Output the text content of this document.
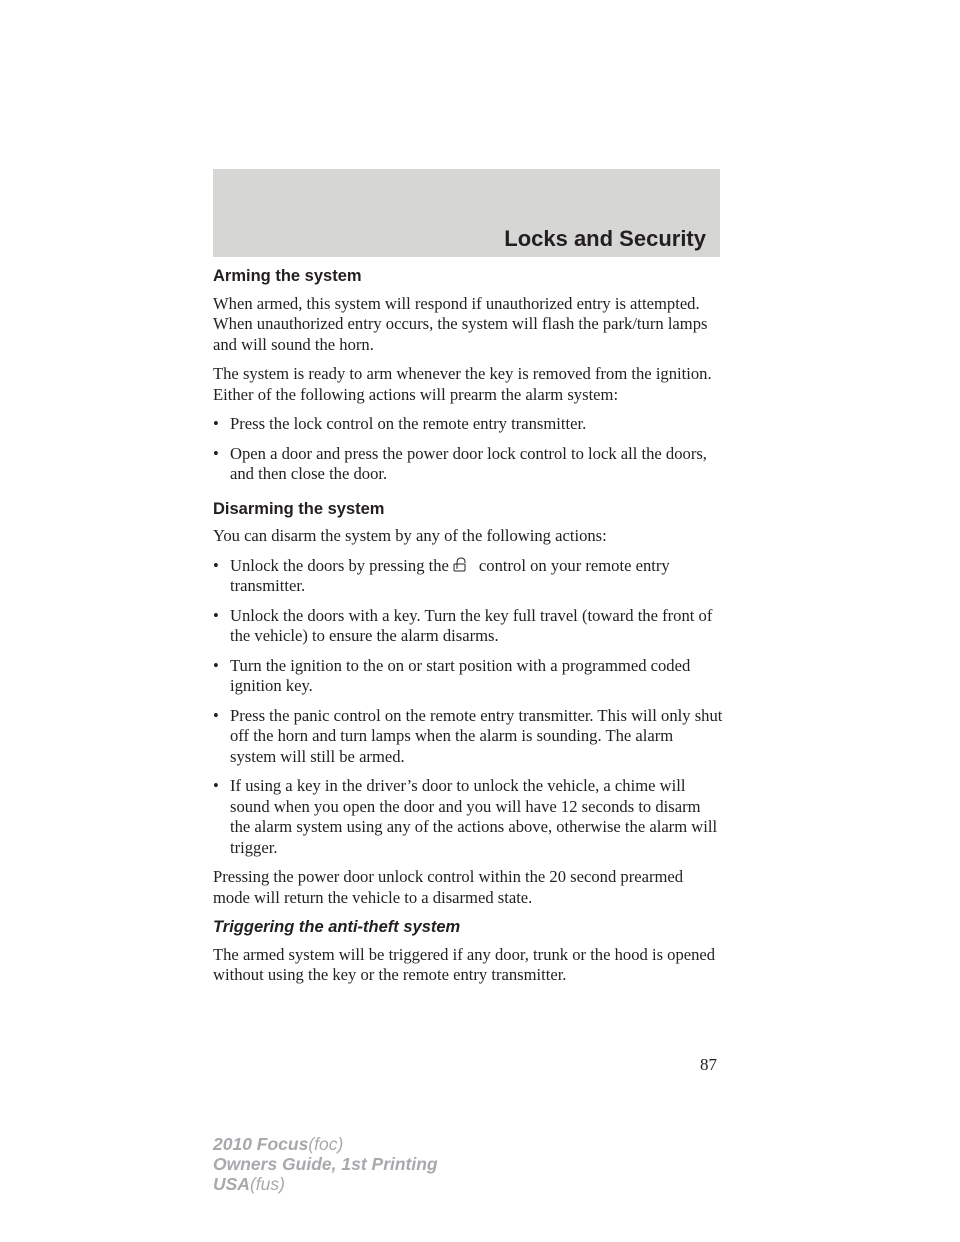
Locks and Security
Arming the system

When armed, this system will respond if unauthorized entry is attempted. When unauthorized entry occurs, the system will flash the park/turn lamps and will sound the horn.

The system is ready to arm whenever the key is removed from the ignition. Either of the following actions will prearm the alarm system:

• Press the lock control on the remote entry transmitter.
• Open a door and press the power door lock control to lock all the doors, and then close the door.
Disarming the system

You can disarm the system by any of the following actions:

• Unlock the doors by pressing the control on your remote entry transmitter.
• Unlock the doors with a key. Turn the key full travel (toward the front of the vehicle) to ensure the alarm disarms.
• Turn the ignition to the on or start position with a programmed coded ignition key.
• Press the panic control on the remote entry transmitter. This will only shut off the horn and turn lamps when the alarm is sounding. The alarm system will still be armed.
• If using a key in the driver’s door to unlock the vehicle, a chime will sound when you open the door and you will have 12 seconds to disarm the alarm system using any of the actions above, otherwise the alarm will trigger.

Pressing the power door unlock control within the 20 second prearmed mode will return the vehicle to a disarmed state.

Triggering the anti-theft system

The armed system will be triggered if any door, trunk or the hood is opened without using the key or the remote entry transmitter.

87
2010 Focus(foc)
Owners Guide, 1st Printing
USA(fus)
